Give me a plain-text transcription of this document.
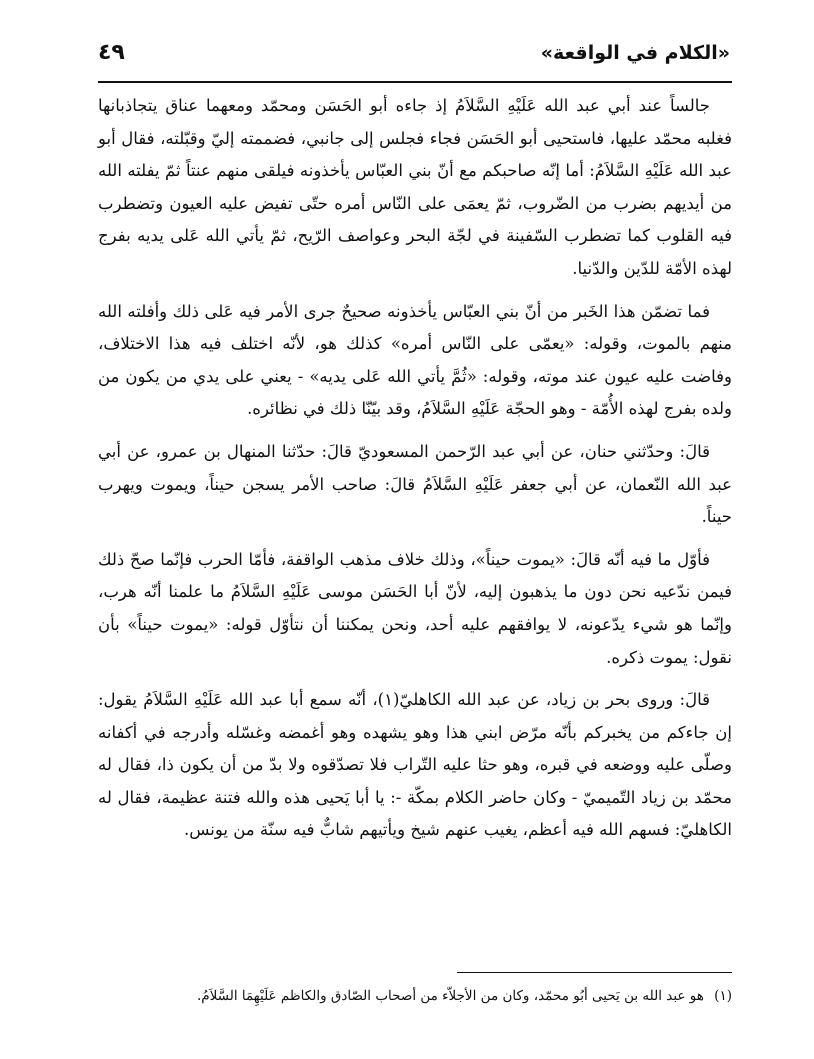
«الكلام في الواقعة»
٤٩

جالساً عند أبي عبد الله عَلَيْهِ السَّلاَمُ إذ جاءه أبو الحَسَن ومحمّد ومعهما عناق يتجاذبانها فغلبه محمّد عليها، فاستحيى أبو الحَسَن فجاء فجلس إلى جانبي، فضممته إليّ وقبّلته، فقال أبو عبد الله عَلَيْهِ السَّلاَمُ: أما إنّه صاحبكم مع أنّ بني العبّاس يأخذونه فيلقى منهم عنتاً ثمّ يفلته الله من أيديهم بضرب من الضّروب، ثمّ يعمَى على النّاس أمره حتّى تفيض عليه العيون وتضطرب فيه القلوب كما تضطرب السّفينة في لجّة البحر وعواصف الرّيح، ثمّ يأتي الله عَلى يديه بفرج لهذه الأمّة للدّين والدّنيا.

فما تضمّن هذا الخَبر من أنّ بني العبّاس يأخذونه صحيحٌ جرى الأمر فيه عَلى ذلك وأفلته الله منهم بالموت، وقوله: «يعمّى على النّاس أمره» كذلك هو، لأنّه اختلف فيه هذا الاختلاف، وفاضت عليه عيون عند موته، وقوله: «ثُمَّ يأتي الله عَلى يديه» - يعني على يدي من يكون من ولده بفرج لهذه الأُمّة - وهو الحجّة عَلَيْهِ السَّلاَمُ، وقد بيّنّا ذلك في نظائره.

قالَ: وحدّثني حنان، عن أبي عبد الرّحمن المسعوديّ قالَ: حدّثنا المنهال بن عمرو، عن أبي عبد الله النّعمان، عن أبي جعفر عَلَيْهِ السَّلاَمُ قالَ: صاحب الأمر يسجن حيناً، ويموت ويهرب حيناً.

فأوّل ما فيه أنّه قالَ: «يموت حيناً»، وذلك خلاف مذهب الواقفة، فأمّا الحرب فإنّما صحّ ذلك فيمن ندّعيه نحن دون ما يذهبون إليه، لأنّ أبا الحَسَن موسى عَلَيْهِ السَّلاَمُ ما علمنا أنّه هرب، وإنّما هو شيء يدّعونه، لا يوافقهم عليه أحد، ونحن يمكننا أن نتأوّل قوله: «يموت حيناً» بأن نقول: يموت ذكره.

قالَ: وروى بحر بن زياد، عن عبد الله الكاهليّ(١)، أنّه سمع أبا عبد الله عَلَيْهِ السَّلاَمُ يقول: إن جاءكم من يخبركم بأنّه مرّض ابني هذا وهو يشهده وهو أغمضه وغسّله وأدرجه في أكفانه وصلّى عليه ووضعه في قبره، وهو حثا عليه التّراب فلا تصدّقوه ولا بدّ من أن يكون ذا، فقال له محمّد بن زياد التّميميّ - وكان حاضر الكلام بمكّة -: يا أبا يَحيى هذه والله فتنة عظيمة، فقال له الكاهليّ: فسهم الله فيه أعظم، يغيب عنهم شيخ ويأتيهم شابٌّ فيه سنّة من يونس.

(١) هو عبد الله بن يَحيى أبُو محمّد، وكان من الأجلاّء من أصحاب الصّادق والكاظم عَلَيْهِمَا السَّلاَمُ.
